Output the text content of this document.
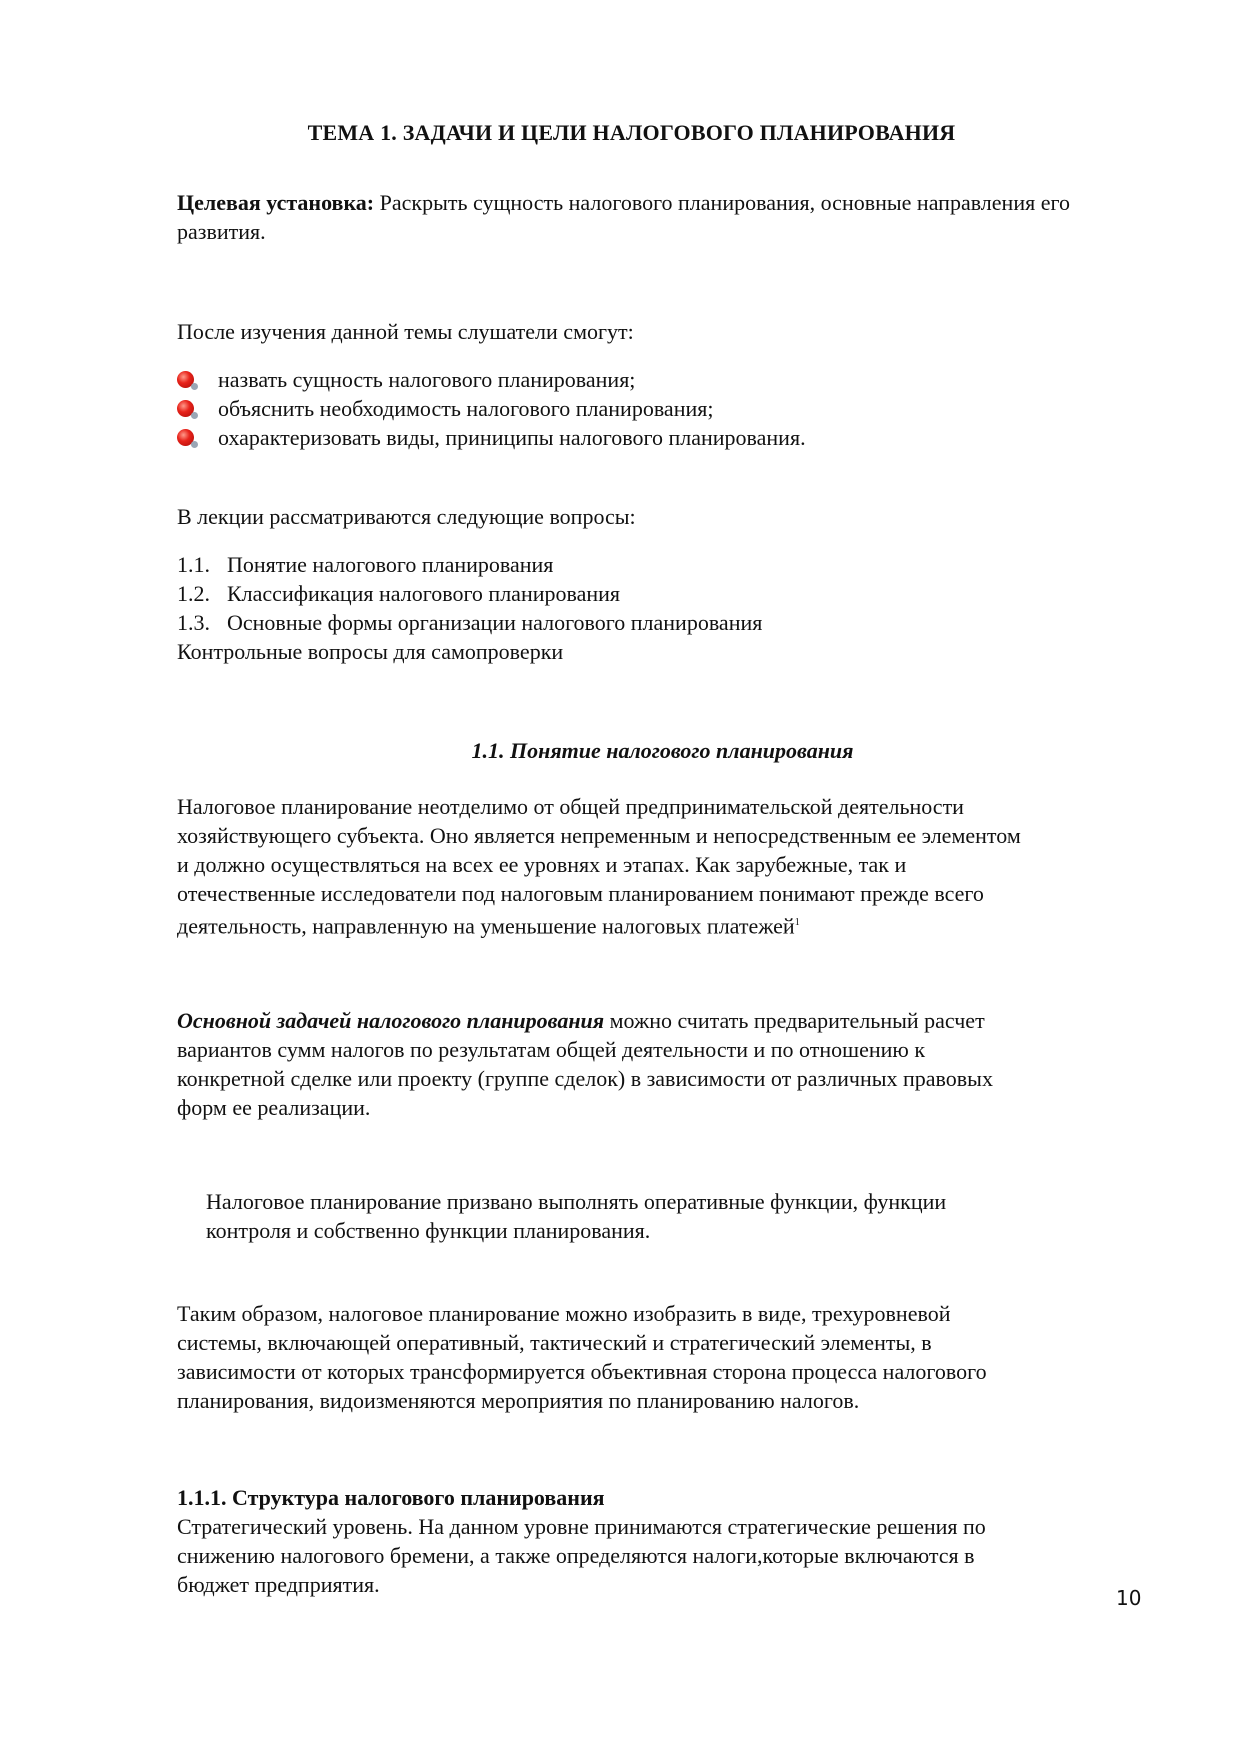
ТЕМА 1. ЗАДАЧИ И ЦЕЛИ НАЛОГОВОГО ПЛАНИРОВАНИЯ
Целевая установка: Раскрыть сущность налогового планирования, основные направления его развития.
После изучения данной темы слушатели смогут:
назвать сущность налогового планирования;
объяснить необходимость налогового планирования;
охарактеризовать виды, приниципы налогового планирования.
В лекции рассматриваются следующие вопросы:
1.1. Понятие налогового планирования
1.2. Классификация налогового планирования
1.3. Основные формы организации налогового планирования
Контрольные вопросы для самопроверки
1.1. Понятие налогового планирования
Налоговое планирование неотделимо от общей предпринимательской деятельности
хозяйствующего субъекта. Оно является непременным и непосредственным ее элементом
и должно осуществляться на всех ее уровнях и этапах. Как зарубежные, так и
отечественные исследователи под налоговым планированием понимают прежде всего
деятельность, направленную на уменьшение налоговых платежей$^1$
Основной задачей налогового планирования можно считать предварительный расчет
вариантов сумм налогов по результатам общей деятельности и по отношению к
конкретной сделке или проекту (группе сделок) в зависимости от различных правовых
форм ее реализации.
Налоговое планирование призвано выполнять оперативные функции, функции
контроля и собственно функции планирования.
Таким образом, налоговое планирование можно изобразить в виде, трехуровневой
системы, включающей оперативный, тактический и стратегический элементы, в
зависимости от которых трансформируется объективная сторона процесса налогового
планирования, видоизменяются мероприятия по планированию налогов.
1.1.1. Структура налогового планирования
Стратегический уровень. На данном уровне принимаются стратегические решения по
снижению налогового бремени, а также определяются налоги,которые включаются в
бюджет предприятия.
10
